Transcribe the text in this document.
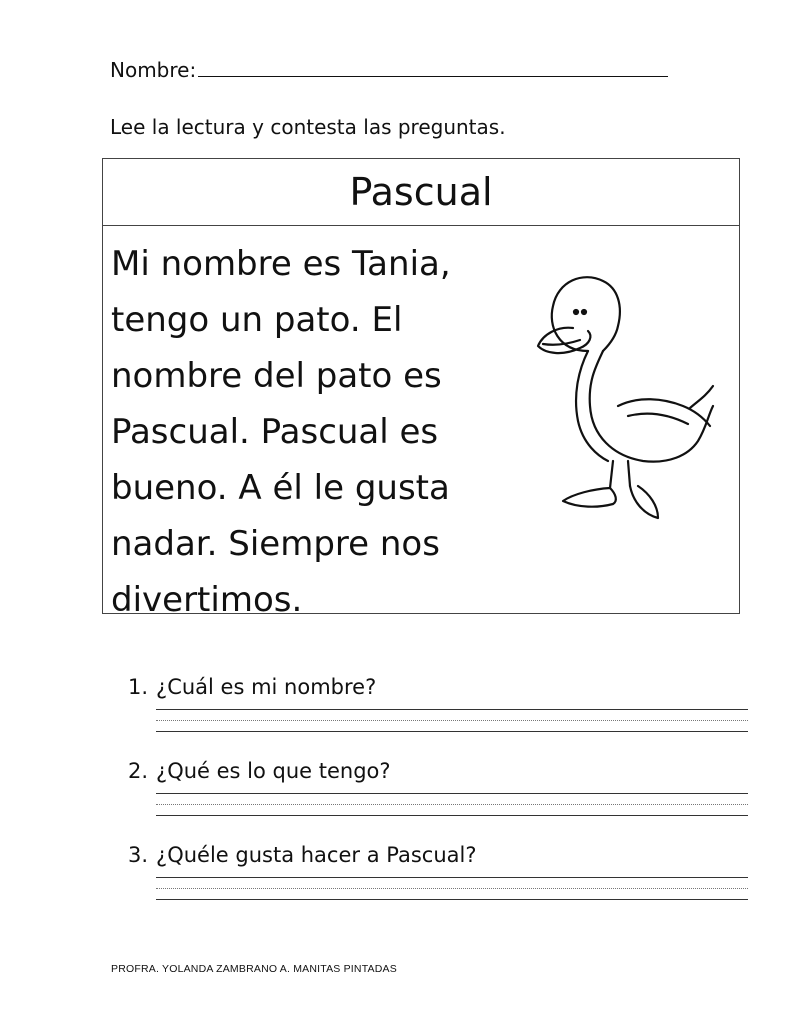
Nombre:
Lee la lectura y contesta las preguntas.
Pascual
Mi nombre es Tania,
tengo un pato. El
nombre del pato es
Pascual. Pascual es
bueno. A él le gusta
nadar. Siempre nos
divertimos.
1. ¿Cuál es mi nombre?
2. ¿Qué es lo que tengo?
3. ¿Quéle gusta hacer a Pascual?
PROFRA. YOLANDA ZAMBRANO A. MANITAS PINTADAS
